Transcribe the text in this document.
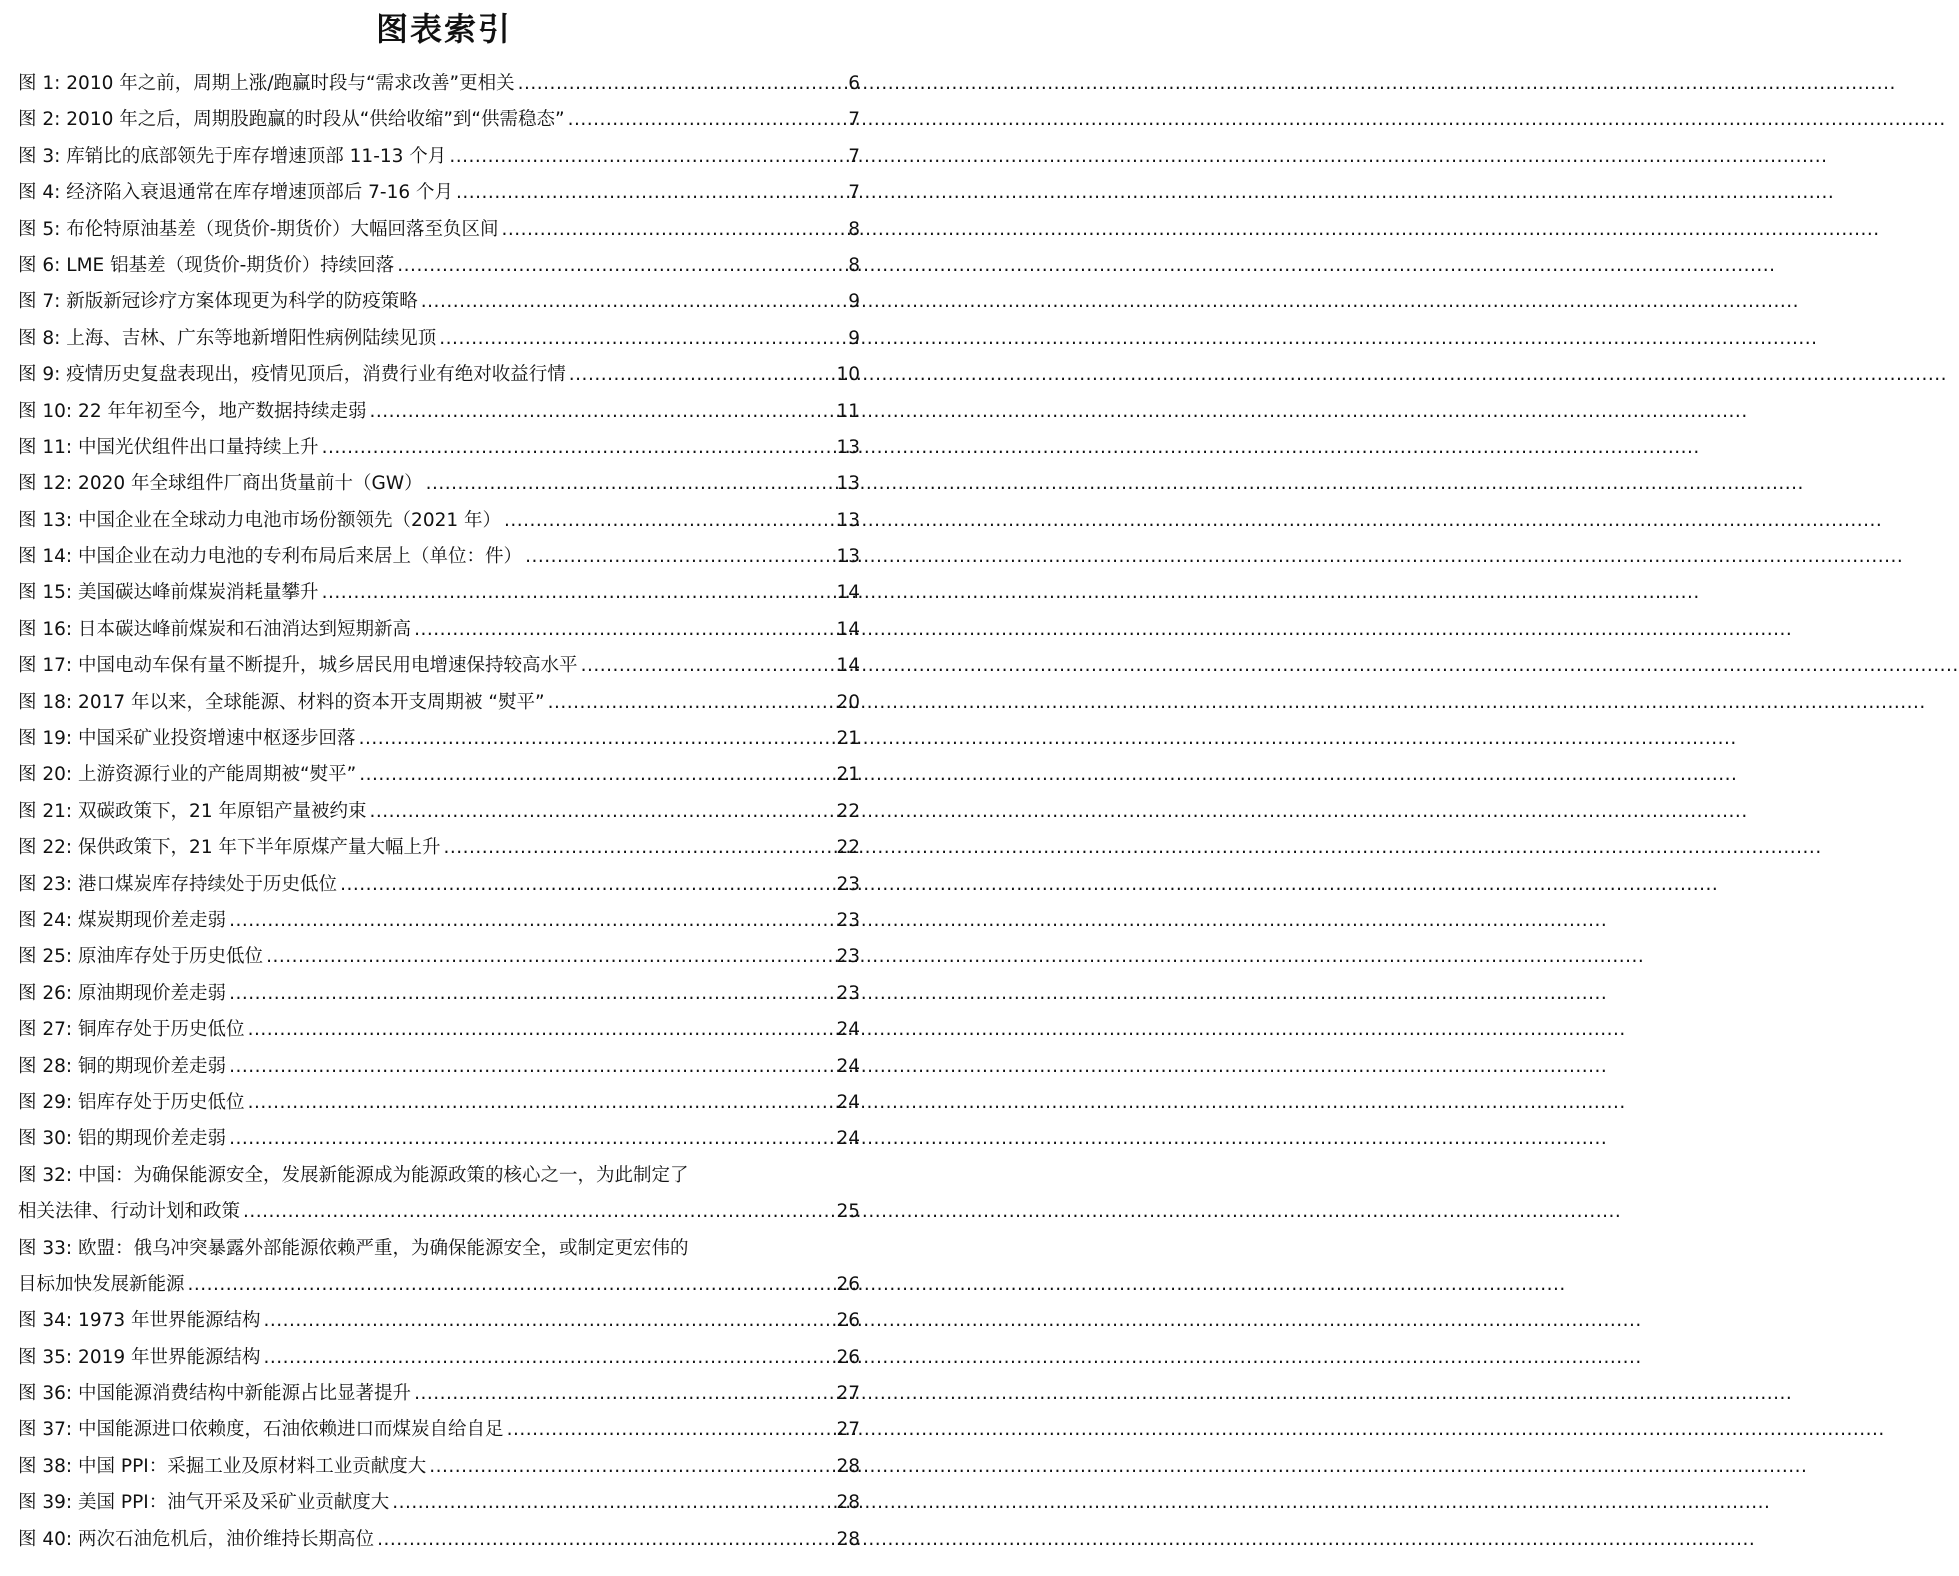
图表索引
图 1: 2010 年之前，周期上涨/跑赢时段与“需求改善”更相关 .....	6
图 2: 2010 年之后，周期股跑赢的时段从“供给收缩”到“供需稳态” .....	7
图 3: 库销比的底部领先于库存增速顶部 11-13 个月 .....	7
图 4: 经济陷入衰退通常在库存增速顶部后 7-16 个月 .....	7
图 5: 布伦特原油基差（现货价-期货价）大幅回落至负区间 .....	8
图 6: LME 铝基差（现货价-期货价）持续回落 .....	8
图 7: 新版新冠诊疗方案体现更为科学的防疫策略 .....	9
图 8: 上海、吉林、广东等地新增阳性病例陆续见顶 .....	9
图 9: 疫情历史复盘表现出，疫情见顶后，消费行业有绝对收益行情 .....	10
图 10: 22 年年初至今，地产数据持续走弱 .....	11
图 11: 中国光伏组件出口量持续上升 .....	13
图 12: 2020 年全球组件厂商出货量前十（GW） .....	13
图 13: 中国企业在全球动力电池市场份额领先（2021 年） .....	13
图 14: 中国企业在动力电池的专利布局后来居上（单位：件） .....	13
图 15: 美国碳达峰前煤炭消耗量攀升 .....	14
图 16: 日本碳达峰前煤炭和石油消达到短期新高 .....	14
图 17: 中国电动车保有量不断提升，城乡居民用电增速保持较高水平 .....	14
图 18: 2017 年以来，全球能源、材料的资本开支周期被 “熨平” .....	20
图 19: 中国采矿业投资增速中枢逐步回落 .....	21
图 20: 上游资源行业的产能周期被“熨平” .....	21
图 21: 双碳政策下，21 年原铝产量被约束 .....	22
图 22: 保供政策下，21 年下半年原煤产量大幅上升 .....	22
图 23: 港口煤炭库存持续处于历史低位 .....	23
图 24: 煤炭期现价差走弱 .....	23
图 25: 原油库存处于历史低位 .....	23
图 26: 原油期现价差走弱 .....	23
图 27: 铜库存处于历史低位 .....	24
图 28: 铜的期现价差走弱 .....	24
图 29: 铝库存处于历史低位 .....	24
图 30: 铝的期现价差走弱 .....	24
图 32: 中国：为确保能源安全，发展新能源成为能源政策的核心之一，为此制定了
相关法律、行动计划和政策 .....	25
图 33: 欧盟：俄乌冲突暴露外部能源依赖严重，为确保能源安全，或制定更宏伟的
目标加快发展新能源 .....	26
图 34: 1973 年世界能源结构 .....	26
图 35: 2019 年世界能源结构 .....	26
图 36: 中国能源消费结构中新能源占比显著提升 .....	27
图 37: 中国能源进口依赖度，石油依赖进口而煤炭自给自足 .....	27
图 38: 中国 PPI：采掘工业及原材料工业贡献度大 .....	28
图 39: 美国 PPI：油气开采及采矿业贡献度大 .....	28
图 40: 两次石油危机后，油价维持长期高位 .....	28
